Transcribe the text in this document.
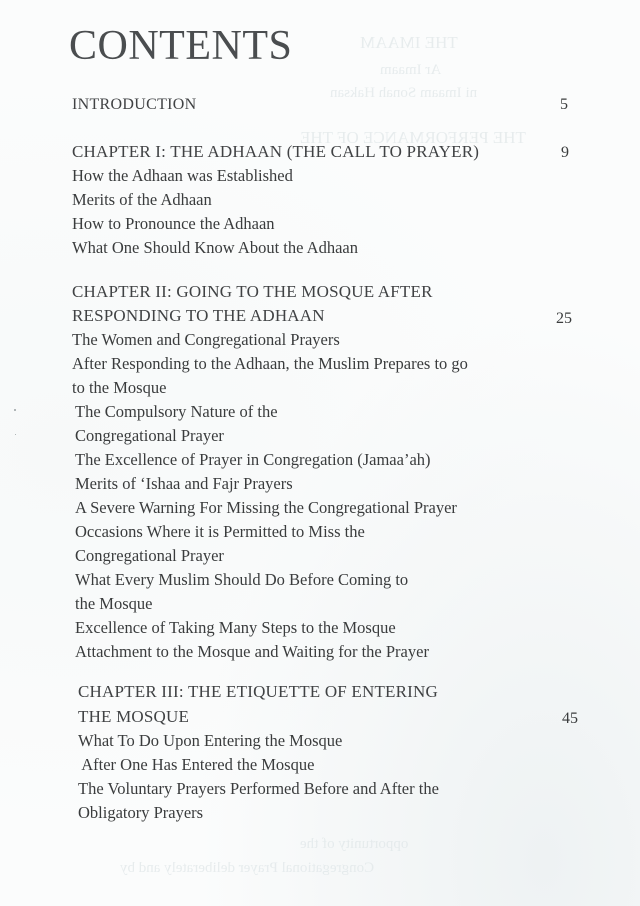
THE IMAAM
Ar Imaam
ni Imaam Sonah Haksan
THE PERFORMANCE OF THE
opportunity of the
Congregational Prayer deliberately and by
CONTENTS
INTRODUCTION	5
CHAPTER I: THE ADHAAN (THE CALL TO PRAYER)	9
How the Adhaan was Established
Merits of the Adhaan
How to Pronounce the Adhaan
What One Should Know About the Adhaan
CHAPTER II: GOING TO THE MOSQUE AFTER
RESPONDING TO THE ADHAAN	25
The Women and Congregational Prayers
After Responding to the Adhaan, the Muslim Prepares to go
to the Mosque
The Compulsory Nature of the
Congregational Prayer
The Excellence of Prayer in Congregation (Jamaa’ah)
Merits of ‘Ishaa and Fajr Prayers
A Severe Warning For Missing the Congregational Prayer
Occasions Where it is Permitted to Miss the
Congregational Prayer
What Every Muslim Should Do Before Coming to
the Mosque
Excellence of Taking Many Steps to the Mosque
Attachment to the Mosque and Waiting for the Prayer
CHAPTER III: THE ETIQUETTE OF ENTERING
THE MOSQUE	45
What To Do Upon Entering the Mosque
After One Has Entered the Mosque
The Voluntary Prayers Performed Before and After the
Obligatory Prayers
